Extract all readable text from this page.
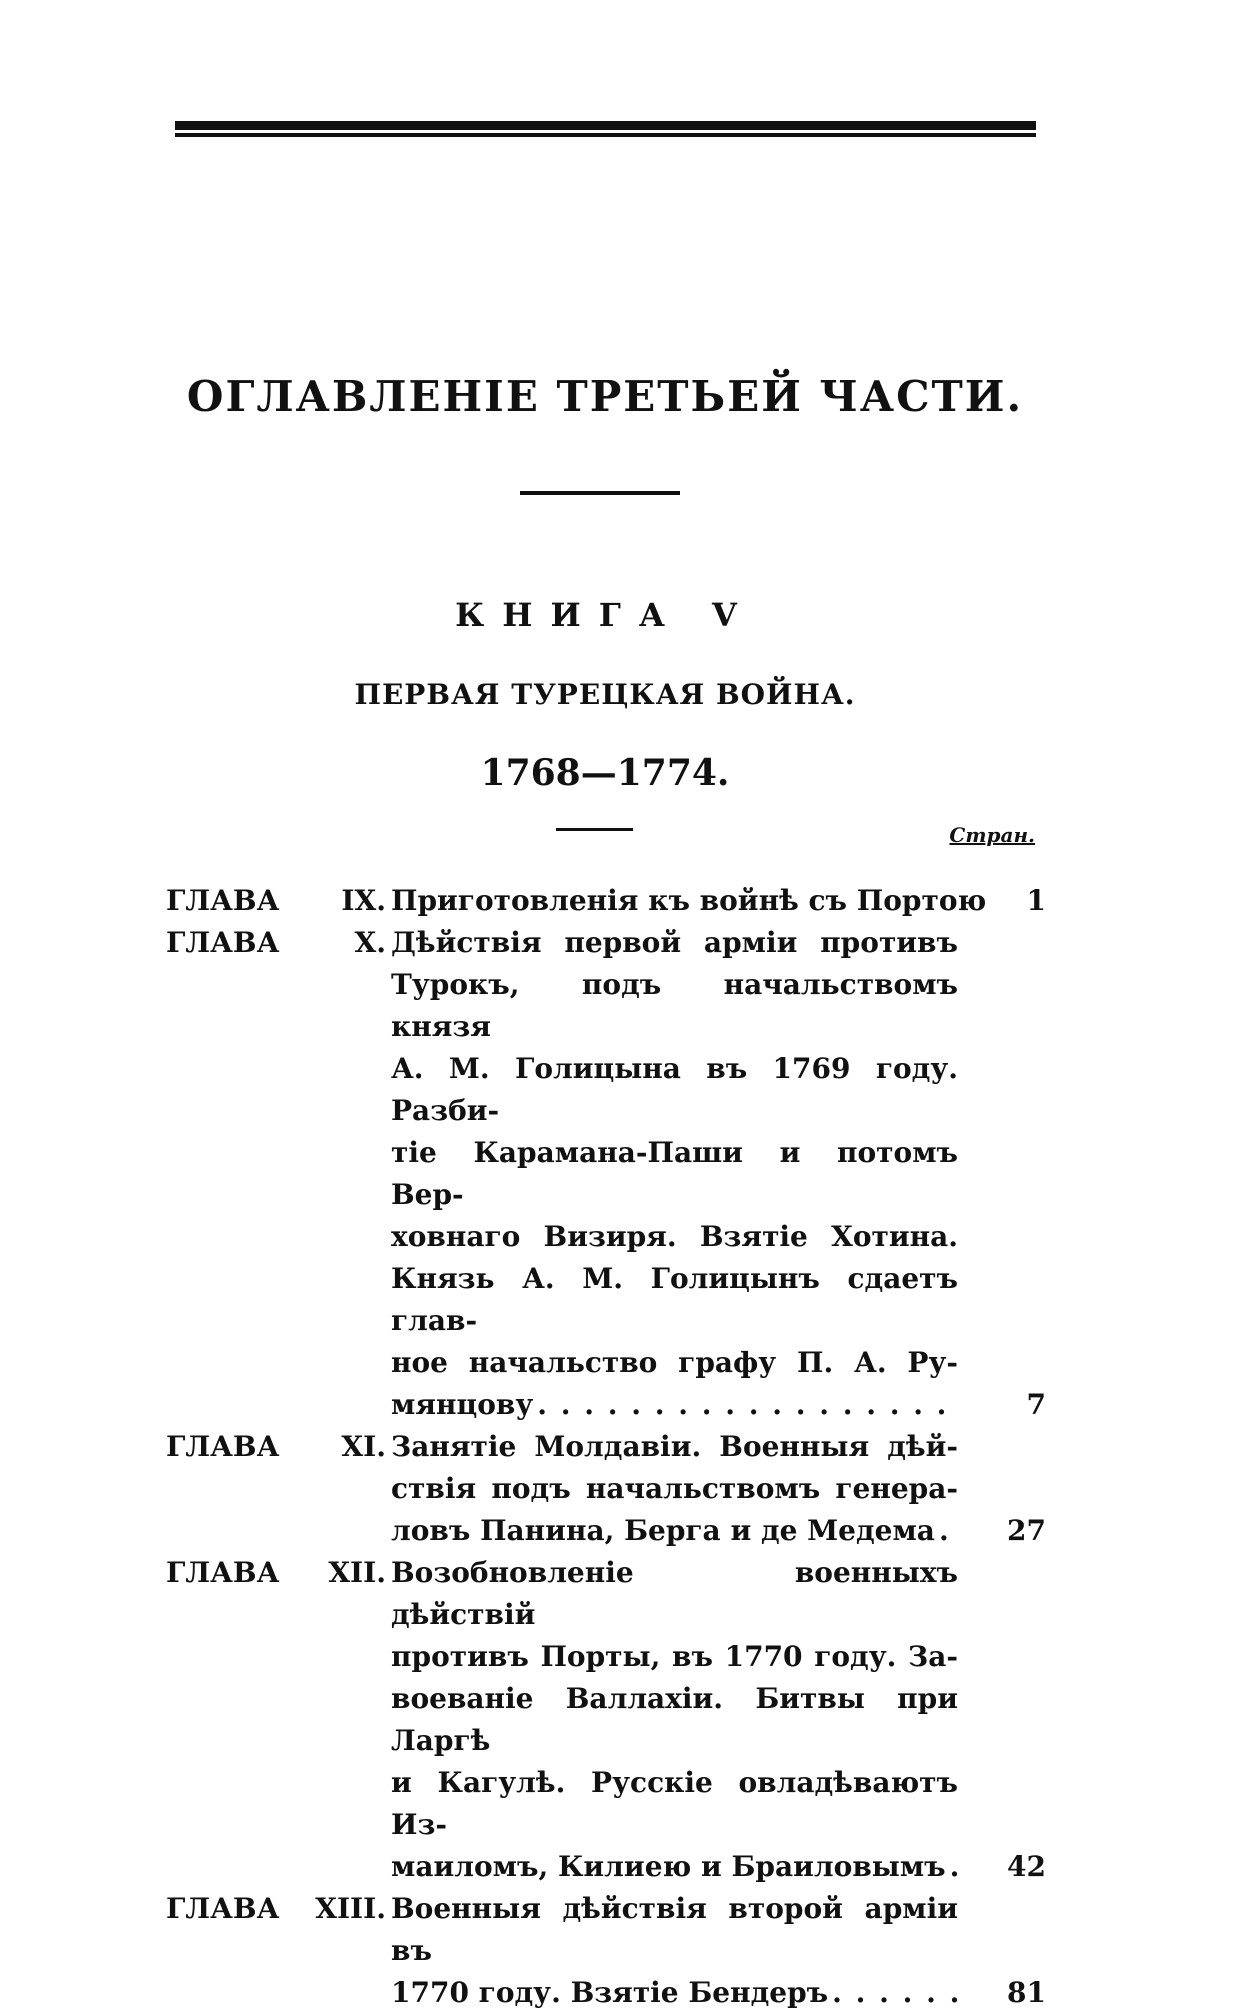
ОГЛАВЛЕНІЕ ТРЕТЬЕЙ ЧАСТИ.
КНИГА V
ПЕРВАЯ ТУРЕЦКАЯ ВОЙНА.
1768—1774.
Стран.
ГЛАВА IX. Приготовленія къ войнѣ съ Портою	1
ГЛАВА	X. Дѣйствія первой арміи противъ
Турокъ, подъ начальствомъ князя
А. М. Голицына въ 1769 году. Разби-
тіе Карамана-Паши и потомъ Вер-
ховнаго Визиря. Взятіе Хотина.
Князь А. М. Голицынъ сдаетъ глав-
ное начальство графу П. А. Ру-
мянцову . . .	7
ГЛАВА XI. Занятіе Молдавіи. Военныя дѣй-
ствія подъ начальствомъ генера-
ловъ Панина, Берга и де Медема . . .	27
ГЛАВА XII. Возобновленіе военныхъ дѣйствій
противъ Порты, въ 1770 году. За-
воеваніе Валлахіи. Битвы при Ларгѣ
и Кагулѣ. Русскіе овладѣваютъ Из-
маиломъ, Килиею и Браиловымъ . . .	42
ГЛАВА XIII. Военныя дѣйствія второй арміи въ
1770 году. Взятіе Бендеръ . . .	81
